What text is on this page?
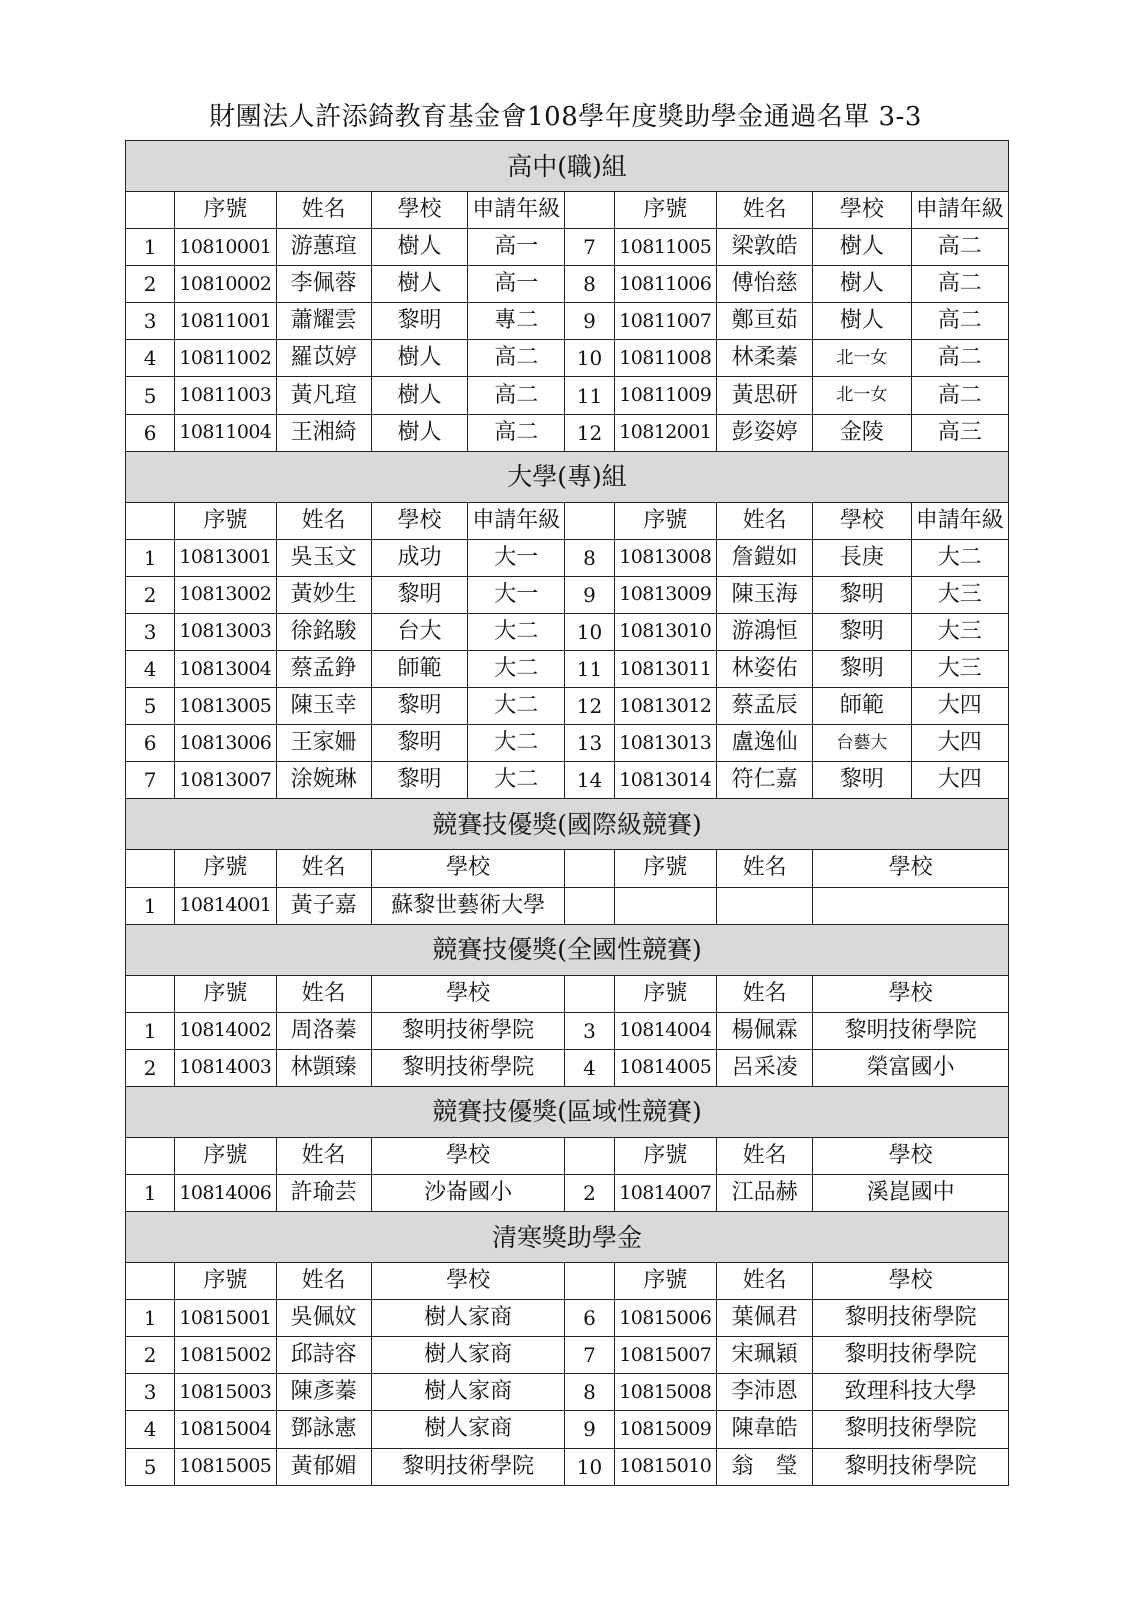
財團法人許添錡教育基金會108學年度獎助學金通過名單 3-3
高中(職)組									
	序號	姓名	學校	申請年級		序號	姓名	學校	申請年級
1	10810001	游蕙瑄	樹人	高一	7	10811005	梁敦皓	樹人	高二
2	10810002	李佩蓉	樹人	高一	8	10811006	傅怡慈	樹人	高二
3	10811001	蕭耀雲	黎明	專二	9	10811007	鄭亘茹	樹人	高二
4	10811002	羅苡婷	樹人	高二	10	10811008	林柔蓁	北一女	高二
5	10811003	黃凡瑄	樹人	高二	11	10811009	黃思研	北一女	高二
6	10811004	王湘綺	樹人	高二	12	10812001	彭姿婷	金陵	高三
大學(專)組									
	序號	姓名	學校	申請年級		序號	姓名	學校	申請年級
1	10813001	吳玉文	成功	大一	8	10813008	詹鎧如	長庚	大二
2	10813002	黃妙生	黎明	大一	9	10813009	陳玉海	黎明	大三
3	10813003	徐銘駿	台大	大二	10	10813010	游鴻恒	黎明	大三
4	10813004	蔡孟錚	師範	大二	11	10813011	林姿佑	黎明	大三
5	10813005	陳玉幸	黎明	大二	12	10813012	蔡孟辰	師範	大四
6	10813006	王家姍	黎明	大二	13	10813013	盧逸仙	台藝大	大四
7	10813007	涂婉琳	黎明	大二	14	10813014	符仁嘉	黎明	大四
競賽技優獎(國際級競賽)									
	序號	姓名	學校			序號	姓名	學校	
1	10814001	黃子嘉	蘇黎世藝術大學						
競賽技優獎(全國性競賽)									
	序號	姓名	學校			序號	姓名	學校	
1	10814002	周洛蓁	黎明技術學院		3	10814004	楊佩霖	黎明技術學院	
2	10814003	林顗臻	黎明技術學院		4	10814005	呂采凌	榮富國小	
競賽技優獎(區域性競賽)									
	序號	姓名	學校			序號	姓名	學校	
1	10814006	許瑜芸	沙崙國小		2	10814007	江品赫	溪崑國中	
清寒獎助學金									
	序號	姓名	學校			序號	姓名	學校	
1	10815001	吳佩妏	樹人家商		6	10815006	葉佩君	黎明技術學院	
2	10815002	邱詩容	樹人家商		7	10815007	宋珮穎	黎明技術學院	
3	10815003	陳彥蓁	樹人家商		8	10815008	李沛恩	致理科技大學	
4	10815004	鄧詠憲	樹人家商		9	10815009	陳韋皓	黎明技術學院	
5	10815005	黃郁媚	黎明技術學院		10	10815010	翁　瑩	黎明技術學院	
